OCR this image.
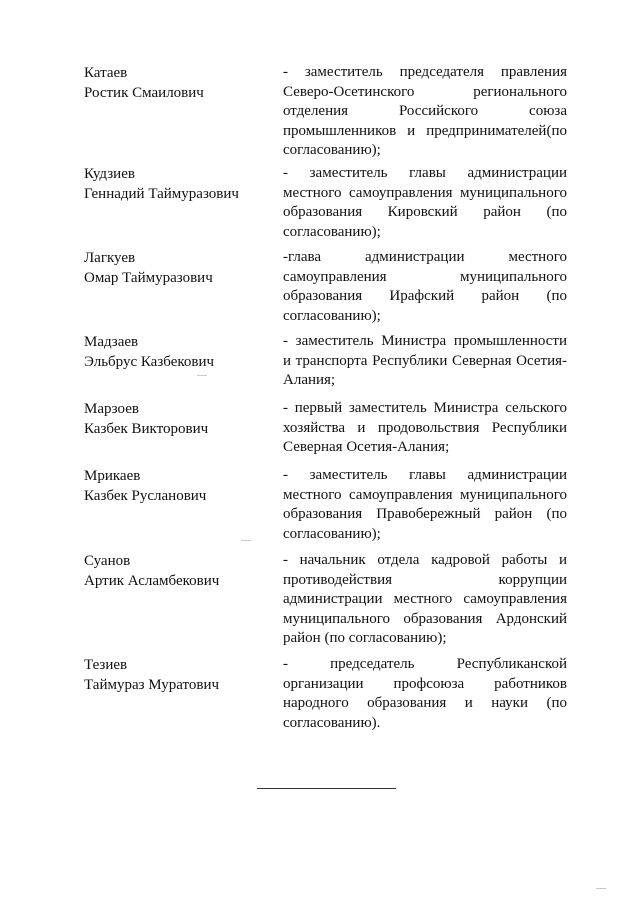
Катаев
Ростик Смаилович
- заместитель председателя правления Северо-Осетинского регионального отделения Российского союза промышленников и предпринимателей(по согласованию);
Кудзиев
Геннадий Таймуразович
- заместитель главы администрации местного самоуправления муниципального образования Кировский район (по согласованию);
Лагкуев
Омар Таймуразович
-глава администрации местного самоуправления муниципального образования Ирафский район (по согласованию);
Мадзаев
Эльбрус Казбекович
- заместитель Министра промышленности и транспорта Республики Северная Осетия-Алания;
Марзоев
Казбек Викторович
- первый заместитель Министра сельского хозяйства и продовольствия Республики Северная Осетия-Алания;
Мрикаев
Казбек Русланович
- заместитель главы администрации местного самоуправления муниципального образования Правобережный район (по согласованию);
Суанов
Артик Асламбекович
- начальник отдела кадровой работы и противодействия коррупции администрации местного самоуправления муниципального образования Ардонский район (по согласованию);
Тезиев
Таймураз Муратович
- председатель Республиканской организации профсоюза работников народного образования и науки (по согласованию).
